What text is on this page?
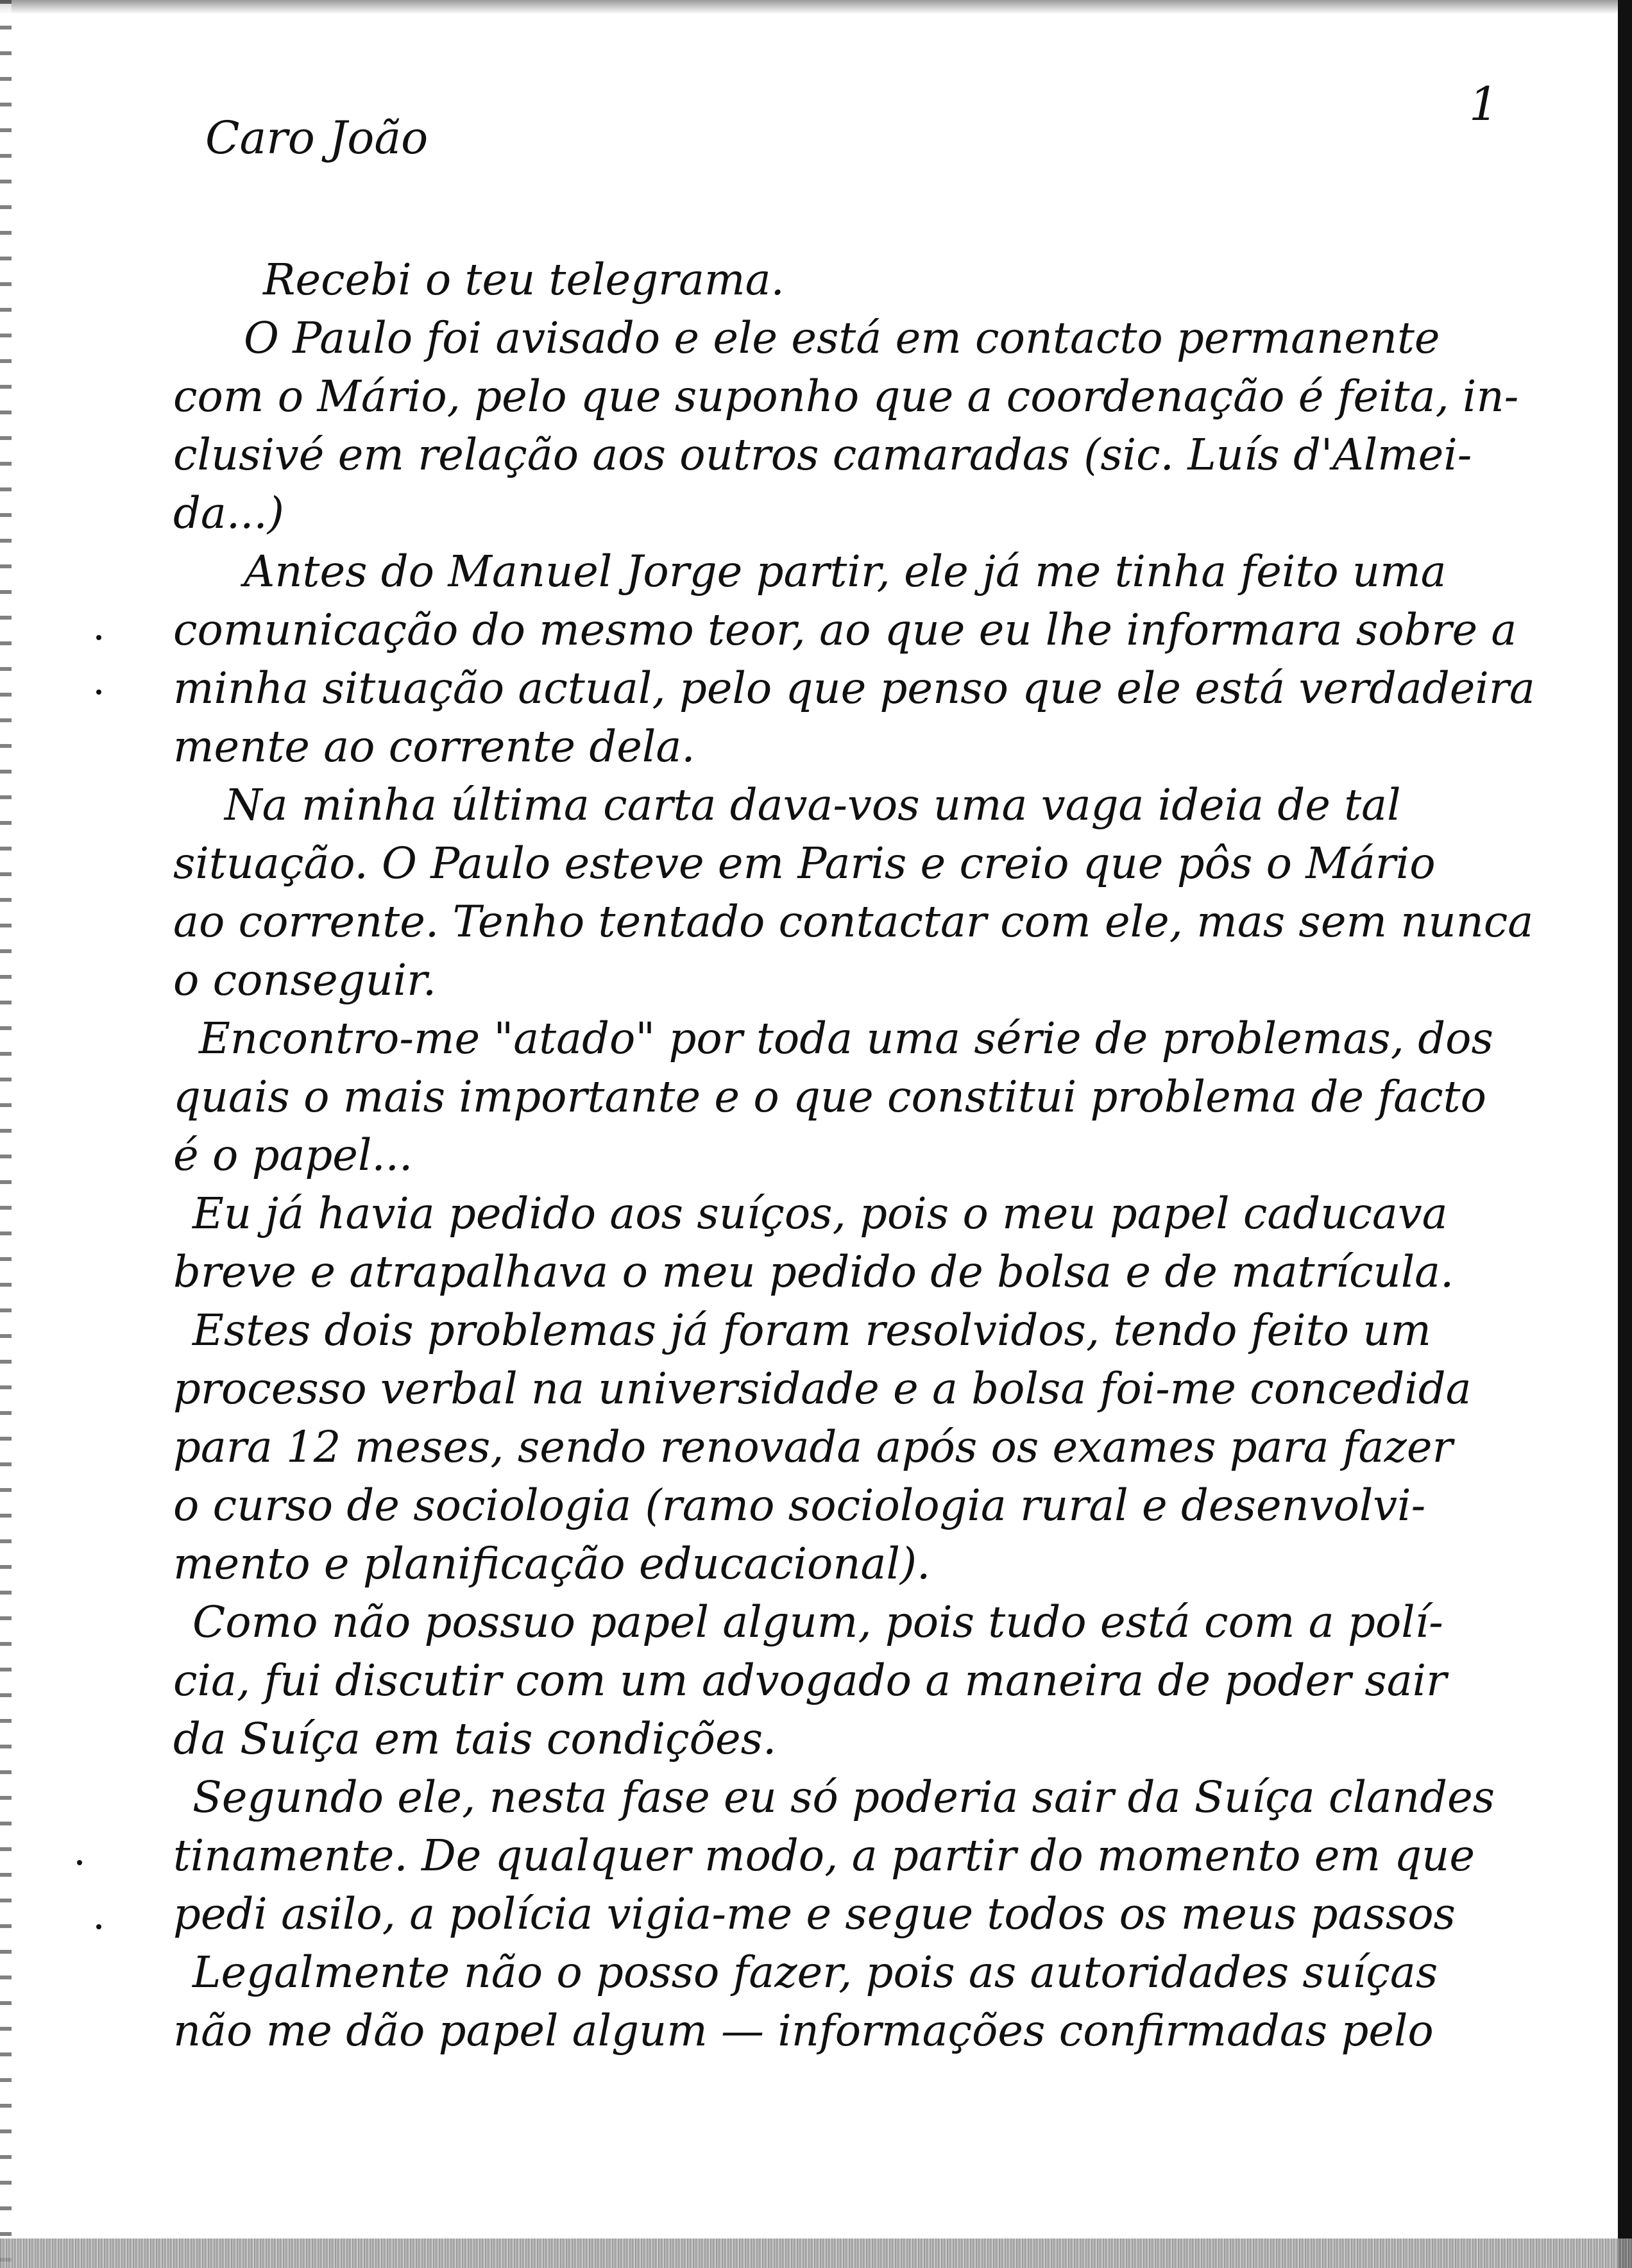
1
Caro João
Recebi o teu telegrama.
O Paulo foi avisado e ele está em contacto permanente
com o Mário, pelo que suponho que a coordenação é feita, in-
clusivé em relação aos outros camaradas (sic. Luís d'Almei-
da...)
Antes do Manuel Jorge partir, ele já me tinha feito uma
comunicação do mesmo teor, ao que eu lhe informara sobre a
minha situação actual, pelo que penso que ele está verdadeira
mente ao corrente dela.
Na minha última carta dava-vos uma vaga ideia de tal
situação. O Paulo esteve em Paris e creio que pôs o Mário
ao corrente. Tenho tentado contactar com ele, mas sem nunca
o conseguir.
Encontro-me "atado" por toda uma série de problemas, dos
quais o mais importante e o que constitui problema de facto
é o papel...
Eu já havia pedido aos suíços, pois o meu papel caducava
breve e atrapalhava o meu pedido de bolsa e de matrícula.
Estes dois problemas já foram resolvidos, tendo feito um
processo verbal na universidade e a bolsa foi-me concedida
para 12 meses, sendo renovada após os exames para fazer
o curso de sociologia (ramo sociologia rural e desenvolvi-
mento e planificação educacional).
Como não possuo papel algum, pois tudo está com a polí-
cia, fui discutir com um advogado a maneira de poder sair
da Suíça em tais condições.
Segundo ele, nesta fase eu só poderia sair da Suíça clandes
tinamente. De qualquer modo, a partir do momento em que
pedi asilo, a polícia vigia-me e segue todos os meus passos
Legalmente não o posso fazer, pois as autoridades suíças
não me dão papel algum — informações confirmadas pelo
